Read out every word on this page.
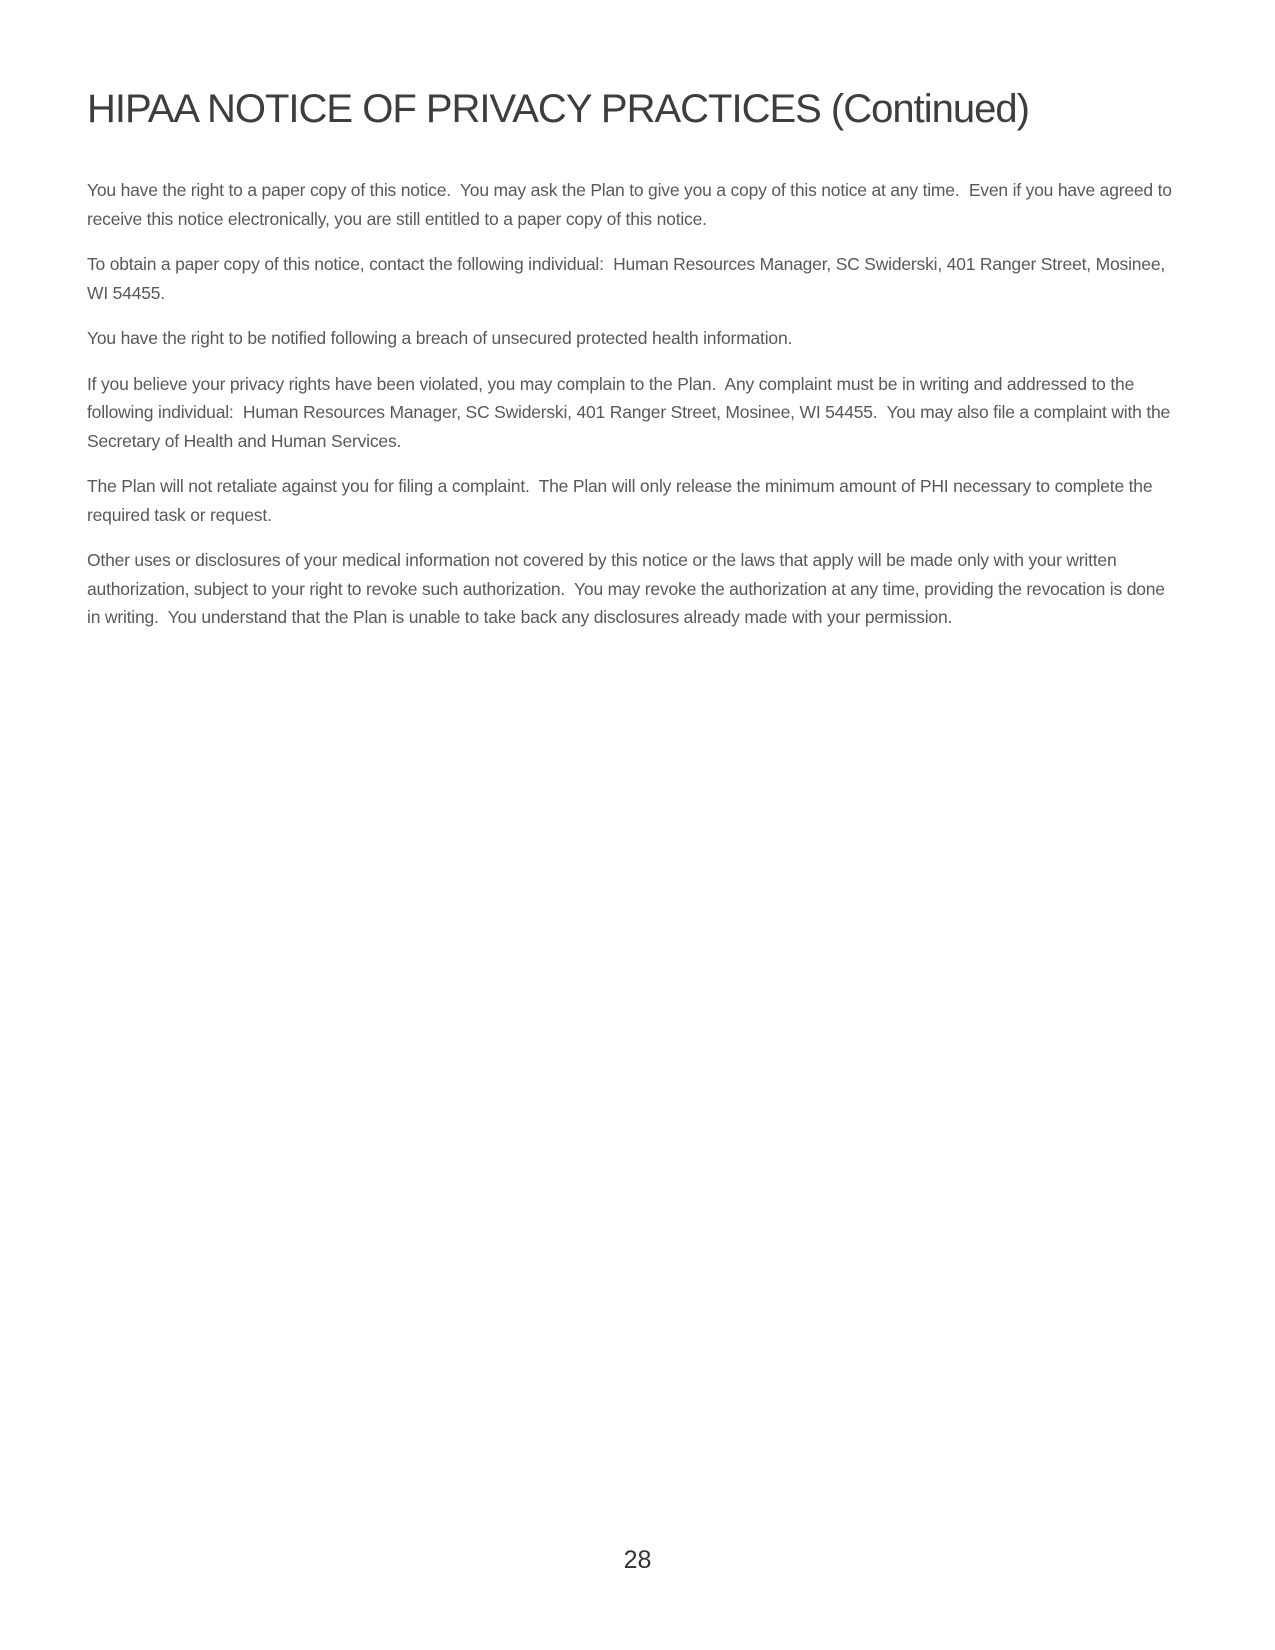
HIPAA NOTICE OF PRIVACY PRACTICES (Continued)

You have the right to a paper copy of this notice.  You may ask the Plan to give you a copy of this notice at any time.  Even if you have agreed to receive this notice electronically, you are still entitled to a paper copy of this notice.

To obtain a paper copy of this notice, contact the following individual:  Human Resources Manager, SC Swiderski, 401 Ranger Street, Mosinee, WI 54455.

You have the right to be notified following a breach of unsecured protected health information.

If you believe your privacy rights have been violated, you may complain to the Plan.  Any complaint must be in writing and addressed to the following individual:  Human Resources Manager, SC Swiderski, 401 Ranger Street, Mosinee, WI 54455.  You may also file a complaint with the Secretary of Health and Human Services.

The Plan will not retaliate against you for filing a complaint.  The Plan will only release the minimum amount of PHI necessary to complete the required task or request.

Other uses or disclosures of your medical information not covered by this notice or the laws that apply will be made only with your written authorization, subject to your right to revoke such authorization.  You may revoke the authorization at any time, providing the revocation is done in writing.  You understand that the Plan is unable to take back any disclosures already made with your permission.

28
